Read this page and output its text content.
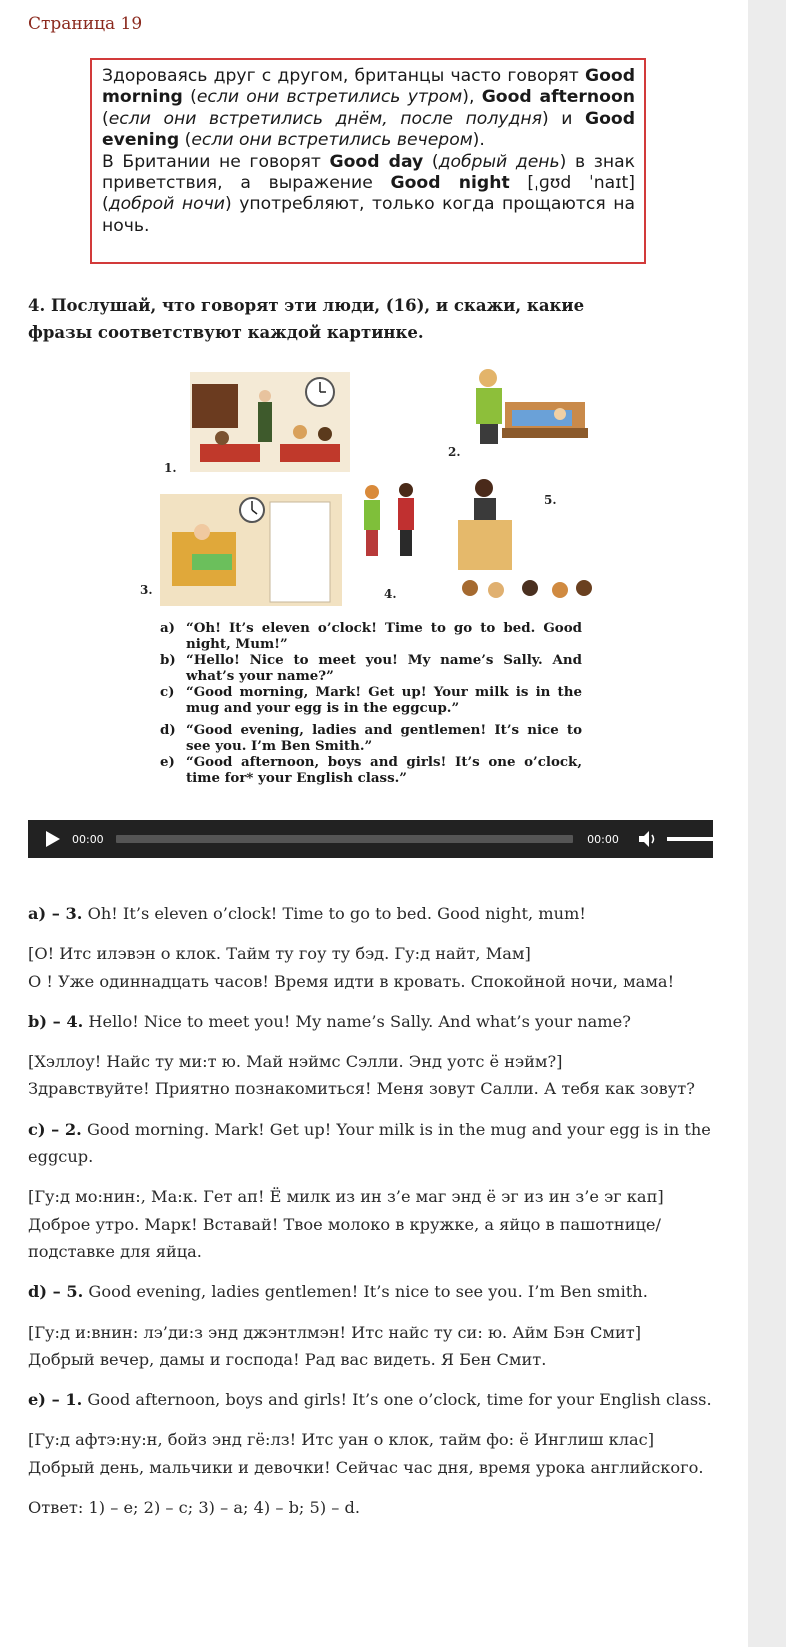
Страница 19

Здороваясь друг с другом, британцы часто говорят Good morning (если они встретились утром), Good afternoon (если они встретились днём, после полудня) и Good evening (если они встретились вечером).

В Британии не говорят Good day (добрый день) в знак приветствия, а выражение Good night [ˌɡʊd ˈnaɪt] (доброй ночи) употребляют, только когда прощаются на ночь.

4. Послушай, что говорят эти люди, (16), и скажи, какие фразы соответствуют каждой картинке.
1.
2.
3.	4.
5.
a) “Oh! It’s eleven o’clock! Time to go to bed. Good night, Mum!”
b) “Hello! Nice to meet you! My name’s Sally. And what’s your name?”
c) “Good morning, Mark! Get up! Your milk is in the mug and your egg is in the eggcup.”
d) “Good evening, ladies and gentlemen! It’s nice to see you. I’m Ben Smith.”
e) “Good afternoon, boys and girls! It’s one o’clock, time for* your English class.”
00:00	00:00

a) – 3. Oh! It’s eleven o’clock! Time to go to bed. Good night, mum!

[О! Итс илэвэн о клок. Тайм ту гоу ту бэд. Гу:д найт, Мам]
О ! Уже одиннадцать часов! Время идти в кровать. Спокойной ночи, мама!

b) – 4. Hello! Nice to meet you! My name’s Sally. And what’s your name?

[Хэллоу! Найс ту ми:т ю. Май нэймс Сэлли. Энд уотс ё нэйм?]
Здравствуйте! Приятно познакомиться! Меня зовут Салли. А тебя как зовут?

c) – 2. Good morning. Mark! Get up! Your milk is in the mug and your egg is in the eggcup.

[Гу:д мо:нин:, Ма:к. Гет ап! Ё милк из ин з’е маг энд ё эг из ин з’е эг кап]
Доброе утро. Марк! Вставай! Твое молоко в кружке, а яйцо в пашотнице/подставке для яйца.

d) – 5. Good evening, ladies gentlemen! It’s nice to see you. I’m Ben smith.

[Гу:д и:внин: лэ’ди:з энд джэнтлмэн! Итс найс ту си: ю. Айм Бэн Смит]
Добрый вечер, дамы и господа! Рад вас видеть. Я Бен Смит.

e) – 1. Good afternoon, boys and girls! It’s one o’clock, time for your English class.

[Гу:д афтэ:ну:н, бойз энд гё:лз! Итс уан о клок, тайм фо: ё Инглиш клас]
Добрый день, мальчики и девочки! Сейчас час дня, время урока английского.

Ответ: 1) – e; 2) – c; 3) – a; 4) – b; 5) – d.
